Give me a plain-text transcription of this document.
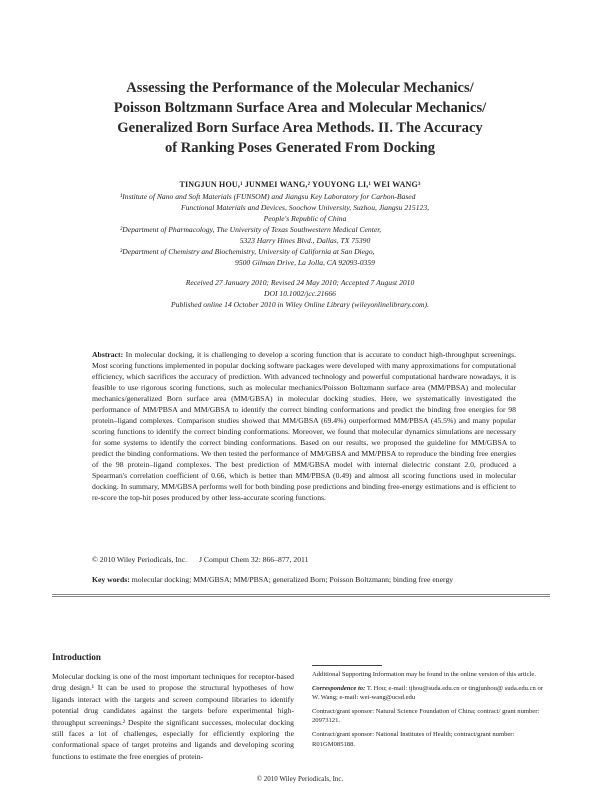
Assessing the Performance of the Molecular Mechanics/
Poisson Boltzmann Surface Area and Molecular Mechanics/
Generalized Born Surface Area Methods. II. The Accuracy
of Ranking Poses Generated From Docking
TINGJUN HOU,¹ JUNMEI WANG,² YOUYONG LI,¹ WEI WANG³
¹Institute of Nano and Soft Materials (FUNSOM) and Jiangsu Key Laboratory for Carbon-Based
Functional Materials and Devices, Soochow University, Suzhou, Jiangsu 215123,
People's Republic of China
²Department of Pharmacology, The University of Texas Southwestern Medical Center,
5323 Harry Hines Blvd., Dallas, TX 75390
³Department of Chemistry and Biochemistry, University of California at San Diego,
9500 Gilman Drive, La Jolla, CA 92093-0359
Received 27 January 2010; Revised 24 May 2010; Accepted 7 August 2010
DOI 10.1002/jcc.21666
Published online 14 October 2010 in Wiley Online Library (wileyonlinelibrary.com).
Abstract: In molecular docking, it is challenging to develop a scoring function that is accurate to conduct high-throughput screenings. Most scoring functions implemented in popular docking software packages were developed with many approximations for computational efficiency, which sacrifices the accuracy of prediction. With advanced technology and powerful computational hardware nowadays, it is feasible to use rigorous scoring functions, such as molecular mechanics/Poisson Boltzmann surface area (MM/PBSA) and molecular mechanics/generalized Born surface area (MM/GBSA) in molecular docking studies. Here, we systematically investigated the performance of MM/PBSA and MM/GBSA to identify the correct binding conformations and predict the binding free energies for 98 protein–ligand complexes. Comparison studies showed that MM/GBSA (69.4%) outperformed MM/PBSA (45.5%) and many popular scoring functions to identify the correct binding conformations. Moreover, we found that molecular dynamics simulations are necessary for some systems to identify the correct binding conformations. Based on our results, we proposed the guideline for MM/GBSA to predict the binding conformations. We then tested the performance of MM/GBSA and MM/PBSA to reproduce the binding free energies of the 98 protein–ligand complexes. The best prediction of MM/GBSA model with internal dielectric constant 2.0, produced a Spearman's correlation coefficient of 0.66, which is better than MM/PBSA (0.49) and almost all scoring functions used in molecular docking. In summary, MM/GBSA performs well for both binding pose predictions and binding free-energy estimations and is efficient to re-score the top-hit poses produced by other less-accurate scoring functions.
© 2010 Wiley Periodicals, Inc. J Comput Chem 32: 866–877, 2011
Key words: molecular docking; MM/GBSA; MM/PBSA; generalized Born; Poisson Boltzmann; binding free energy
Introduction
Molecular docking is one of the most important techniques for receptor-based drug design.¹ It can be used to propose the structural hypotheses of how ligands interact with the targets and screen compound libraries to identify potential drug candidates against the targets before experimental high-throughput screenings.² Despite the significant successes, molecular docking still faces a lot of challenges, especially for efficiently exploring the conformational space of target proteins and ligands and developing scoring functions to estimate the free energies of protein-

Additional Supporting Information may be found in the online version of this article.

Correspondence to: T. Hou; e-mail: tjhou@suda.edu.cn or tingjunhou@ suda.edu.cn or W. Wang; e-mail: wei-wang@ucsd.edu

Contract/grant sponsor: Natural Science Foundation of China; contract/ grant number: 20973121.

Contract/grant sponsor: National Institutes of Health; contract/grant number: R01GM085188.

© 2010 Wiley Periodicals, Inc.
